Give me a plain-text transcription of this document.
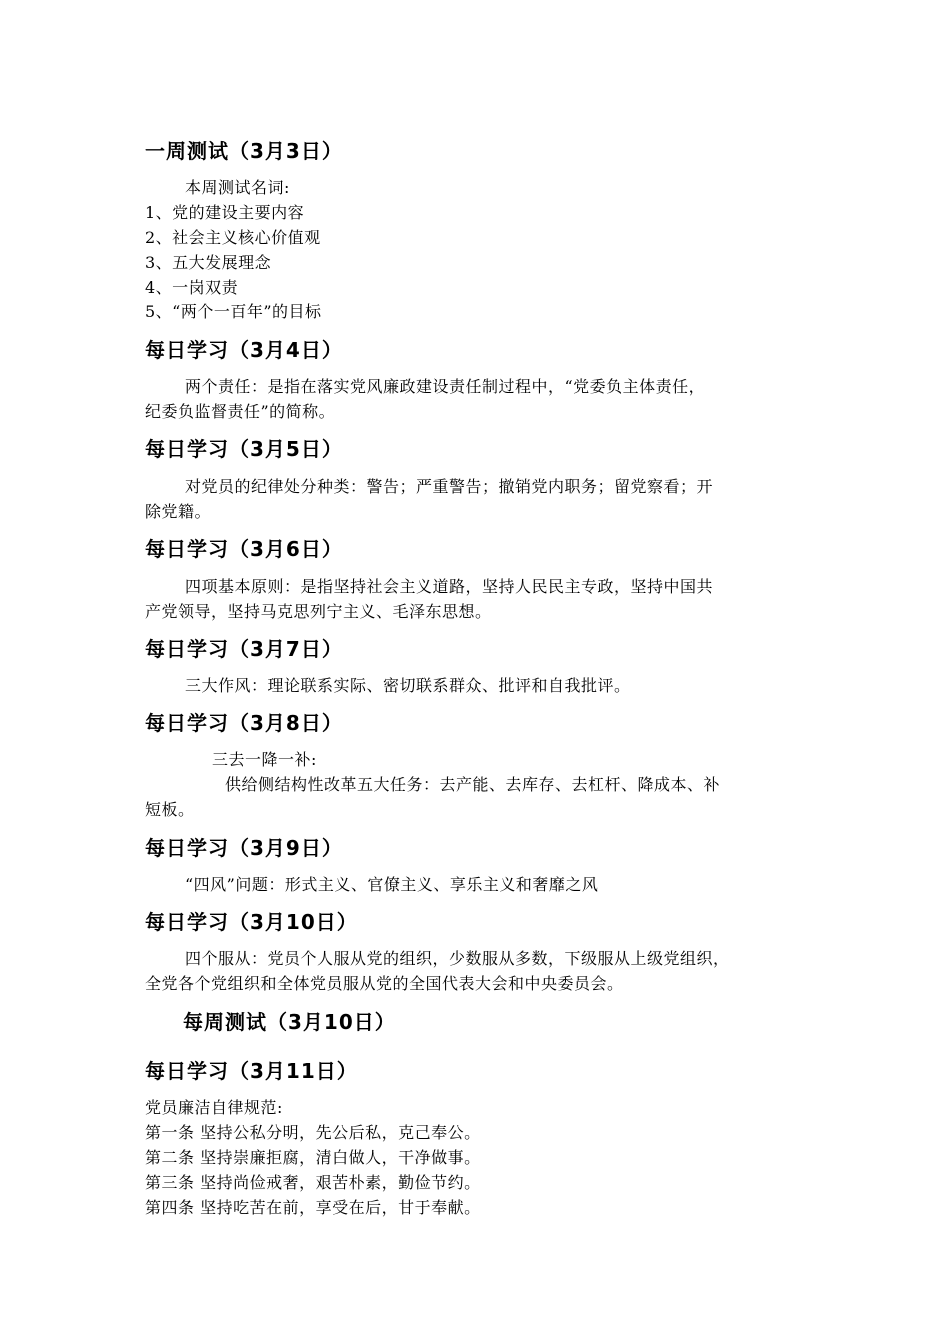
一周测试（3月3日）
本周测试名词:
1、党的建设主要内容
2、社会主义核心价值观
3、五大发展理念
4、一岗双责
5、“两个一百年”的目标
每日学习（3月4日）
两个责任：是指在落实党风廉政建设责任制过程中，“党委负主体责任，
纪委负监督责任”的简称。
每日学习（3月5日）
对党员的纪律处分种类：警告；严重警告；撤销党内职务；留党察看；开
除党籍。
每日学习（3月6日）
四项基本原则：是指坚持社会主义道路，坚持人民民主专政，坚持中国共
产党领导，坚持马克思列宁主义、毛泽东思想。
每日学习（3月7日）
三大作风：理论联系实际、密切联系群众、批评和自我批评。
每日学习（3月8日）
三去一降一补:
供给侧结构性改革五大任务：去产能、去库存、去杠杆、降成本、补
短板。
每日学习（3月9日）
“四风”问题：形式主义、官僚主义、享乐主义和奢靡之风
每日学习（3月10日）
四个服从：党员个人服从党的组织，少数服从多数，下级服从上级党组织，
全党各个党组织和全体党员服从党的全国代表大会和中央委员会。
每周测试（3月10日）
每日学习（3月11日）
党员廉洁自律规范:
第一条 坚持公私分明，先公后私，克己奉公。
第二条 坚持崇廉拒腐，清白做人，干净做事。
第三条 坚持尚俭戒奢，艰苦朴素，勤俭节约。
第四条 坚持吃苦在前，享受在后，甘于奉献。
